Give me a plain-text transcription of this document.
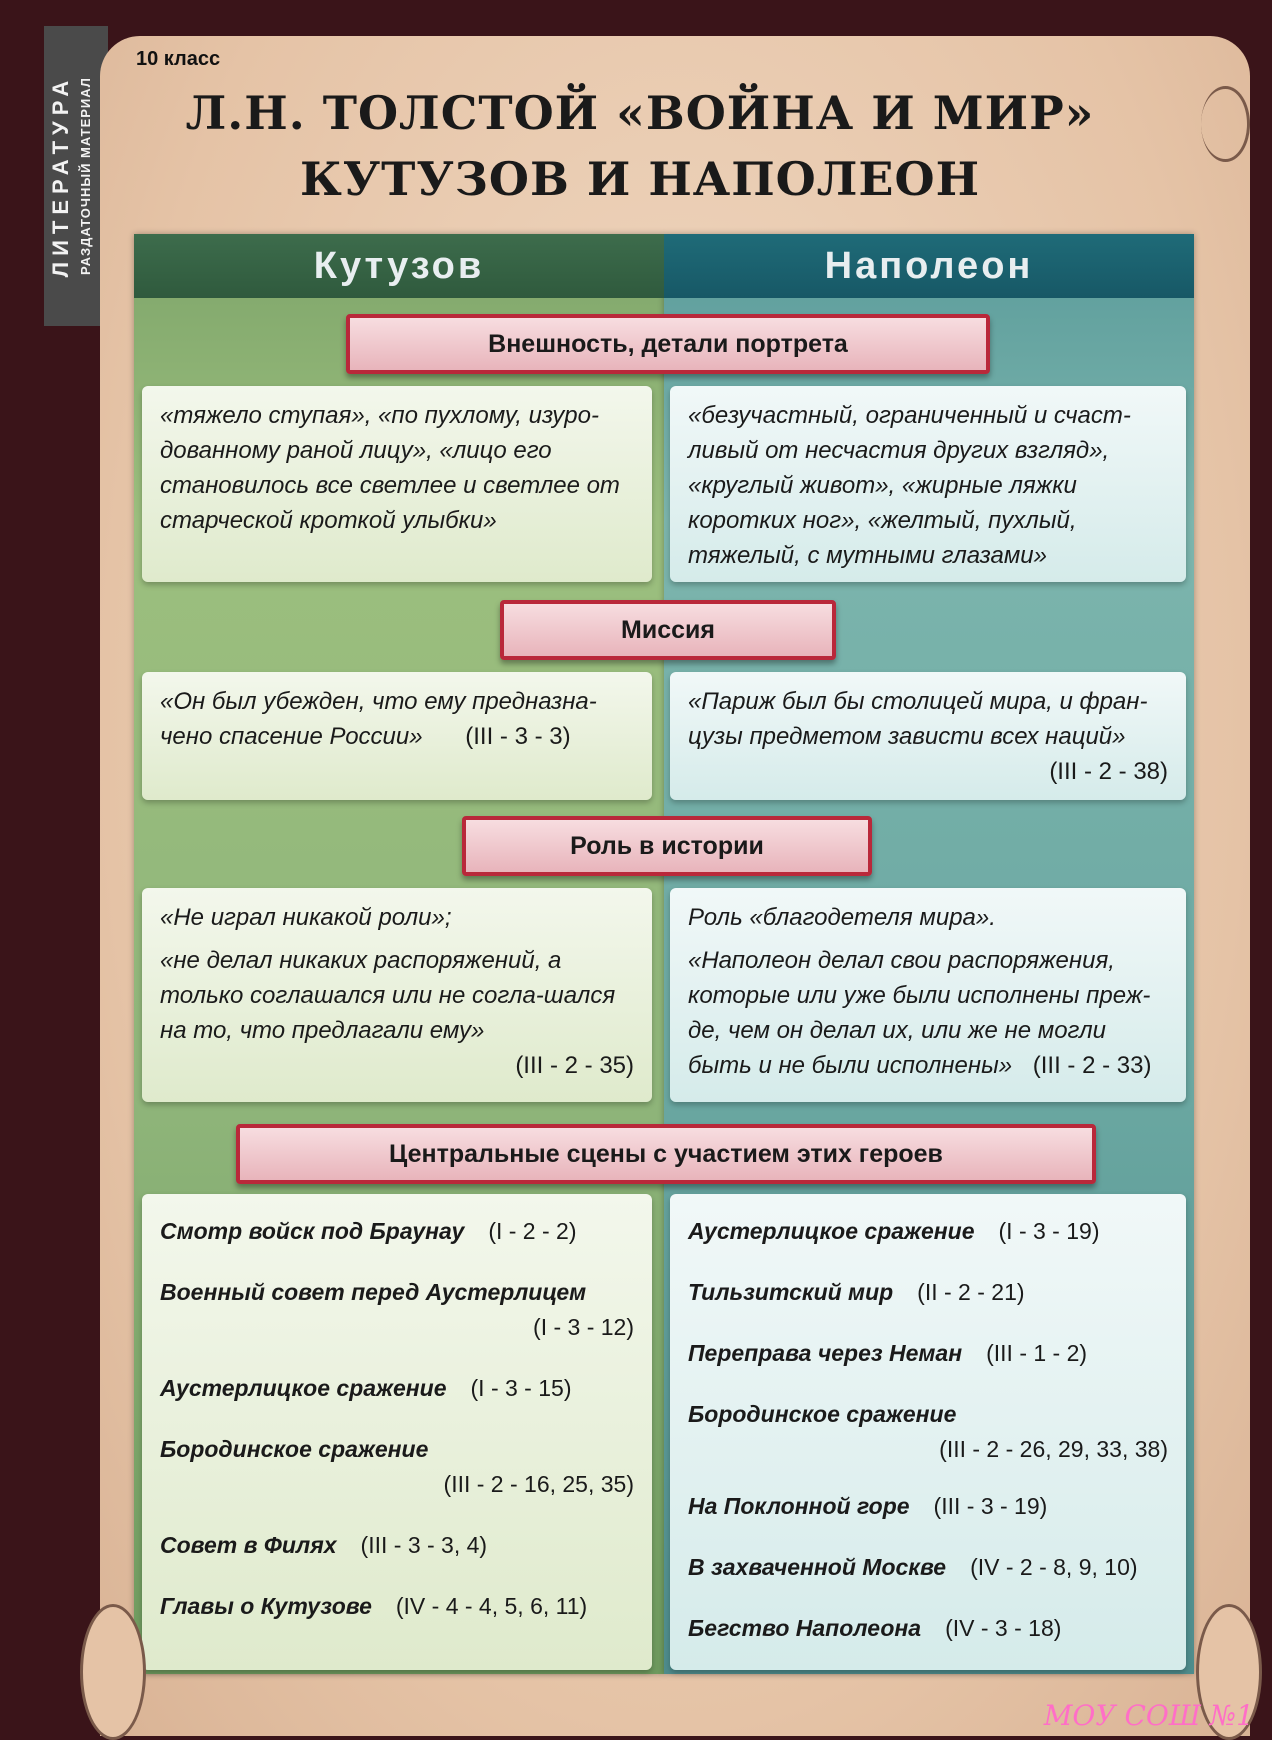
ЛИТЕРАТУРА РАЗДАТОЧНЫЙ МАТЕРИАЛ
10 класс
Л.Н. ТОЛСТОЙ «ВОЙНА И МИР»
КУТУЗОВ И НАПОЛЕОН
Кутузов	Наполеон
Внешность, детали портрета
«тяжело ступая», «по пухлому, изуро-дованному раной лицу», «лицо его становилось все светлее и светлее от старческой кроткой улыбки»
«безучастный, ограниченный и счаст-ливый от несчастия других взгляд», «круглый живот», «жирные ляжки коротких ног», «желтый, пухлый, тяжелый, с мутными глазами»
Миссия
«Он был убежден, что ему предназна-чено спасение России» (III - 3 - 3)
«Париж был бы столицей мира, и фран-цузы предметом зависти всех наций»
(III - 2 - 38)
Роль в истории
«Не играл никакой роли»;
«не делал никаких распоряжений, а только соглашался или не согла-шался на то, что предлагали ему»
(III - 2 - 35)
Роль «благодетеля мира».
«Наполеон делал свои распоряжения, которые или уже были исполнены преж-де, чем он делал их, или же не могли быть и не были исполнены» (III - 2 - 33)
Центральные сцены с участием этих героев
Смотр войск под Браунау (I - 2 - 2)
Военный совет перед Аустерлицем
(I - 3 - 12)
Аустерлицкое сражение (I - 3 - 15)
Бородинское сражение
(III - 2 - 16, 25, 35)
Совет в Филях (III - 3 - 3, 4)
Главы о Кутузове (IV - 4 - 4, 5, 6, 11)
Аустерлицкое сражение (I - 3 - 19)
Тильзитский мир (II - 2 - 21)
Переправа через Неман (III - 1 - 2)
Бородинское сражение
(III - 2 - 26, 29, 33, 38)
На Поклонной горе (III - 3 - 19)
В захваченной Москве (IV - 2 - 8, 9, 10)
Бегство Наполеона (IV - 3 - 18)
МОУ СОШ №1
